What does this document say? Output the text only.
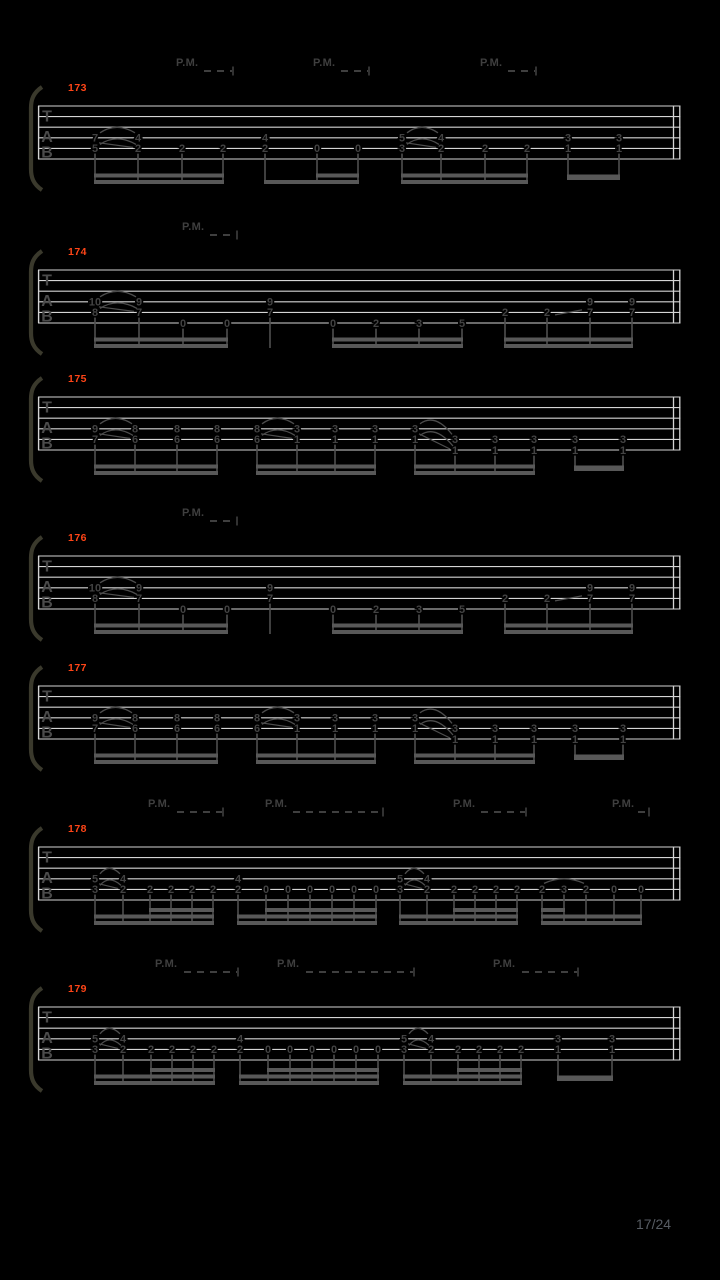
T
A
B
173
P.M.	P.M.	P.M.
7
5
4
2	2	2
4
2	0	0
5
3
4
2	2	2
3
1
3
1
T
A
B
174
P.M.
10
8
9
7
0	0
9
7
0	2	3	5
2	2
9
7
9
7
T
A
B
175
9
7
8
6
8
6
8
6
8
6
3
1
3
1
3
1
3
1	3
1
3
1
3
1
3
1
3
1
T
A
B
176
P.M.
10
8
9
7
0	0
9
7
0	2	3	5
2	2
9
7
9
7
T
A
B
177
9
7
8
6
8
6
8
6
8
6
3
1
3
1
3
1
3
1	3
1
3
1
3
1
3
1
3
1
T
A
B
178
P.M.	P.M.	P.M.	P.M.
5
3
4
2 2 2 2 2
4
2 0 0 0 0 0 0
5
3
4
2 2 2 2 2 2 3 2 0 0
T
A
B
179
P.M.	P.M.	P.M.
5
3
4
2 2 2 2 2
4
2 0 0 0 0 0 0
5
3
4
2 2 2 2 2
3
1
3
1
17/24
